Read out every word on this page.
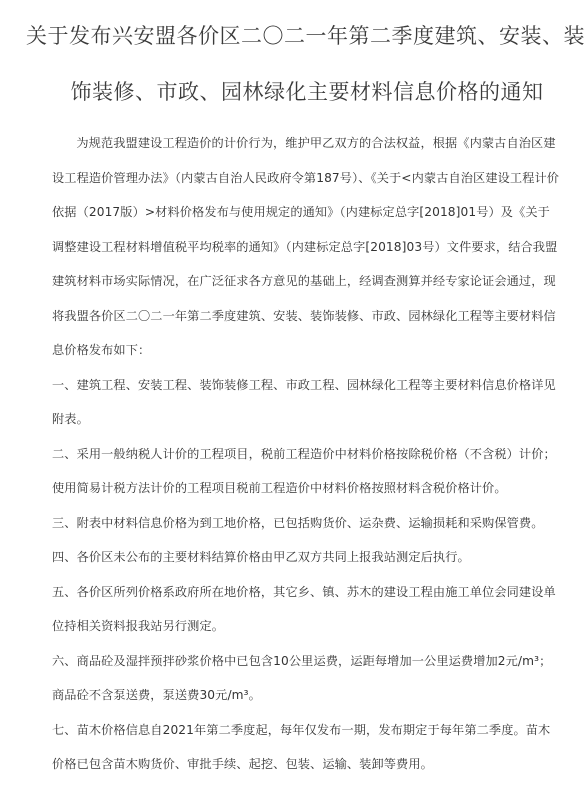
关于发布兴安盟各价区二〇二一年第二季度建筑、安装、装
饰装修、市政、园林绿化主要材料信息价格的通知

为规范我盟建设工程造价的计价行为，维护甲乙双方的合法权益，根据《内蒙古自治区建设工程造价管理办法》（内蒙古自治人民政府令第187号）、《关于<内蒙古自治区建设工程计价依据（2017版）>材料价格发布与使用规定的通知》（内建标定总字[2018]01号）及《关于调整建设工程材料增值税平均税率的通知》（内建标定总字[2018]03号）文件要求，结合我盟建筑材料市场实际情况，在广泛征求各方意见的基础上，经调查测算并经专家论证会通过，现将我盟各价区二〇二一年第二季度建筑、安装、装饰装修、市政、园林绿化工程等主要材料信息价格发布如下：

一、建筑工程、安装工程、装饰装修工程、市政工程、园林绿化工程等主要材料信息价格详见附表。

二、采用一般纳税人计价的工程项目，税前工程造价中材料价格按除税价格（不含税）计价；使用简易计税方法计价的工程项目税前工程造价中材料价格按照材料含税价格计价。

三、附表中材料信息价格为到工地价格，已包括购货价、运杂费、运输损耗和采购保管费。

四、各价区未公布的主要材料结算价格由甲乙双方共同上报我站测定后执行。

五、各价区所列价格系政府所在地价格，其它乡、镇、苏木的建设工程由施工单位会同建设单位持相关资料报我站另行测定。

六、商品砼及湿拌预拌砂浆价格中已包含10公里运费，运距每增加一公里运费增加2元/m³；商品砼不含泵送费，泵送费30元/m³。

七、苗木价格信息自2021年第二季度起，每年仅发布一期，发布期定于每年第二季度。苗木价格已包含苗木购货价、审批手续、起挖、包装、运输、装卸等费用。
